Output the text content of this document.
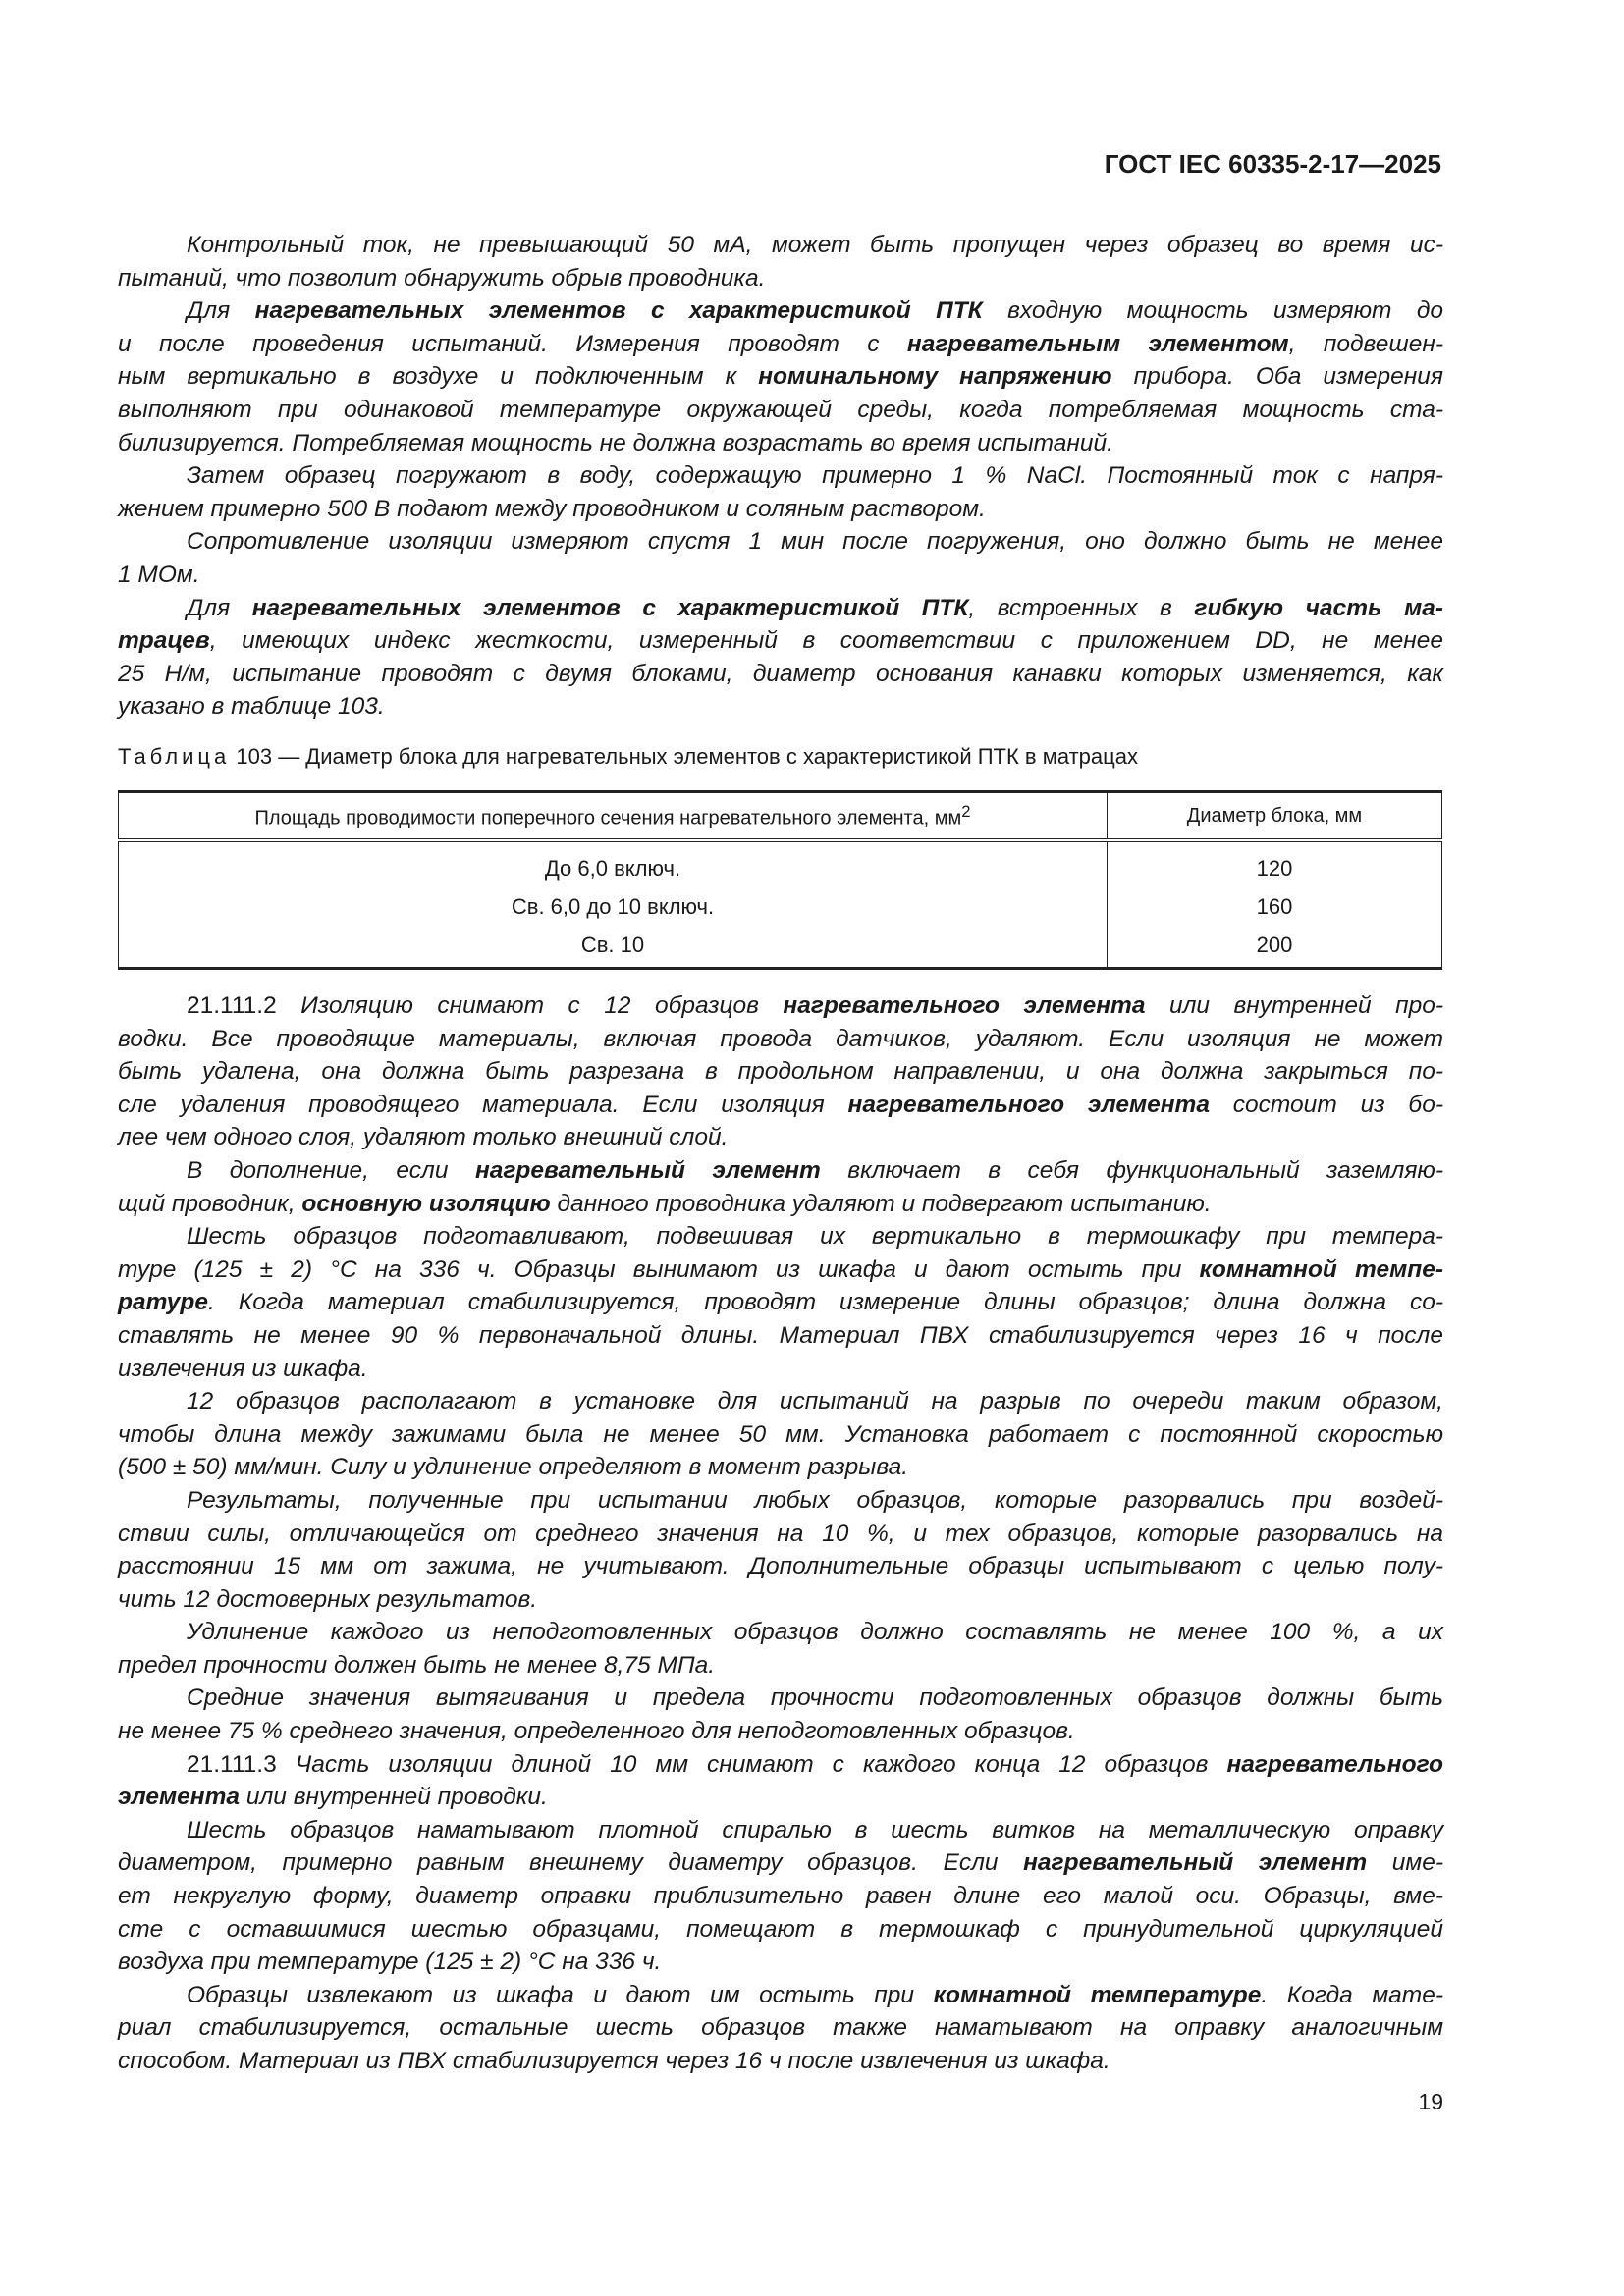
ГОСТ IEC 60335-2-17—2025
Контрольный ток, не превышающий 50 мА, может быть пропущен через образец во время ис-
пытаний, что позволит обнаружить обрыв проводника.
Для нагревательных элементов с характеристикой ПТК входную мощность измеряют до
и после проведения испытаний. Измерения проводят с нагревательным элементом, подвешен-
ным вертикально в воздухе и подключенным к номинальному напряжению прибора. Оба измерения
выполняют при одинаковой температуре окружающей среды, когда потребляемая мощность ста-
билизируется. Потребляемая мощность не должна возрастать во время испытаний.
Затем образец погружают в воду, содержащую примерно 1 % NaCl. Постоянный ток с напря-
жением примерно 500 В подают между проводником и соляным раствором.
Сопротивление изоляции измеряют спустя 1 мин после погружения, оно должно быть не менее
1 МОм.
Для нагревательных элементов с характеристикой ПТК, встроенных в гибкую часть ма-
трацев, имеющих индекс жесткости, измеренный в соответствии с приложением DD, не менее
25 Н/м, испытание проводят с двумя блоками, диаметр основания канавки которых изменяется, как
указано в таблице 103.
Таблица 103 — Диаметр блока для нагревательных элементов с характеристикой ПТК в матрацах
Площадь проводимости поперечного сечения нагревательного элемента, $мм^2$	Диаметр блока, мм
До 6,0 включ.	120
Св. 6,0 до 10 включ.	160
Св. 10	200
21.111.2 Изоляцию снимают с 12 образцов нагревательного элемента или внутренней про-
водки. Все проводящие материалы, включая провода датчиков, удаляют. Если изоляция не может
быть удалена, она должна быть разрезана в продольном направлении, и она должна закрыться по-
сле удаления проводящего материала. Если изоляция нагревательного элемента состоит из бо-
лее чем одного слоя, удаляют только внешний слой.
В дополнение, если нагревательный элемент включает в себя функциональный заземляю-
щий проводник, основную изоляцию данного проводника удаляют и подвергают испытанию.
Шесть образцов подготавливают, подвешивая их вертикально в термошкафу при темпера-
туре (125 ± 2) °С на 336 ч. Образцы вынимают из шкафа и дают остыть при комнатной темпе-
ратуре. Когда материал стабилизируется, проводят измерение длины образцов; длина должна со-
ставлять не менее 90 % первоначальной длины. Материал ПВХ стабилизируется через 16 ч после
извлечения из шкафа.
12 образцов располагают в установке для испытаний на разрыв по очереди таким образом,
чтобы длина между зажимами была не менее 50 мм. Установка работает с постоянной скоростью
(500 ± 50) мм/мин. Силу и удлинение определяют в момент разрыва.
Результаты, полученные при испытании любых образцов, которые разорвались при воздей-
ствии силы, отличающейся от среднего значения на 10 %, и тех образцов, которые разорвались на
расстоянии 15 мм от зажима, не учитывают. Дополнительные образцы испытывают с целью полу-
чить 12 достоверных результатов.
Удлинение каждого из неподготовленных образцов должно составлять не менее 100 %, а их
предел прочности должен быть не менее 8,75 МПа.
Средние значения вытягивания и предела прочности подготовленных образцов должны быть
не менее 75 % среднего значения, определенного для неподготовленных образцов.
21.111.3 Часть изоляции длиной 10 мм снимают с каждого конца 12 образцов нагревательного
элемента или внутренней проводки.
Шесть образцов наматывают плотной спиралью в шесть витков на металлическую оправку
диаметром, примерно равным внешнему диаметру образцов. Если нагревательный элемент име-
ет некруглую форму, диаметр оправки приблизительно равен длине его малой оси. Образцы, вме-
сте с оставшимися шестью образцами, помещают в термошкаф с принудительной циркуляцией
воздуха при температуре (125 ± 2) °С на 336 ч.
Образцы извлекают из шкафа и дают им остыть при комнатной температуре. Когда мате-
риал стабилизируется, остальные шесть образцов также наматывают на оправку аналогичным
способом. Материал из ПВХ стабилизируется через 16 ч после извлечения из шкафа.
19
